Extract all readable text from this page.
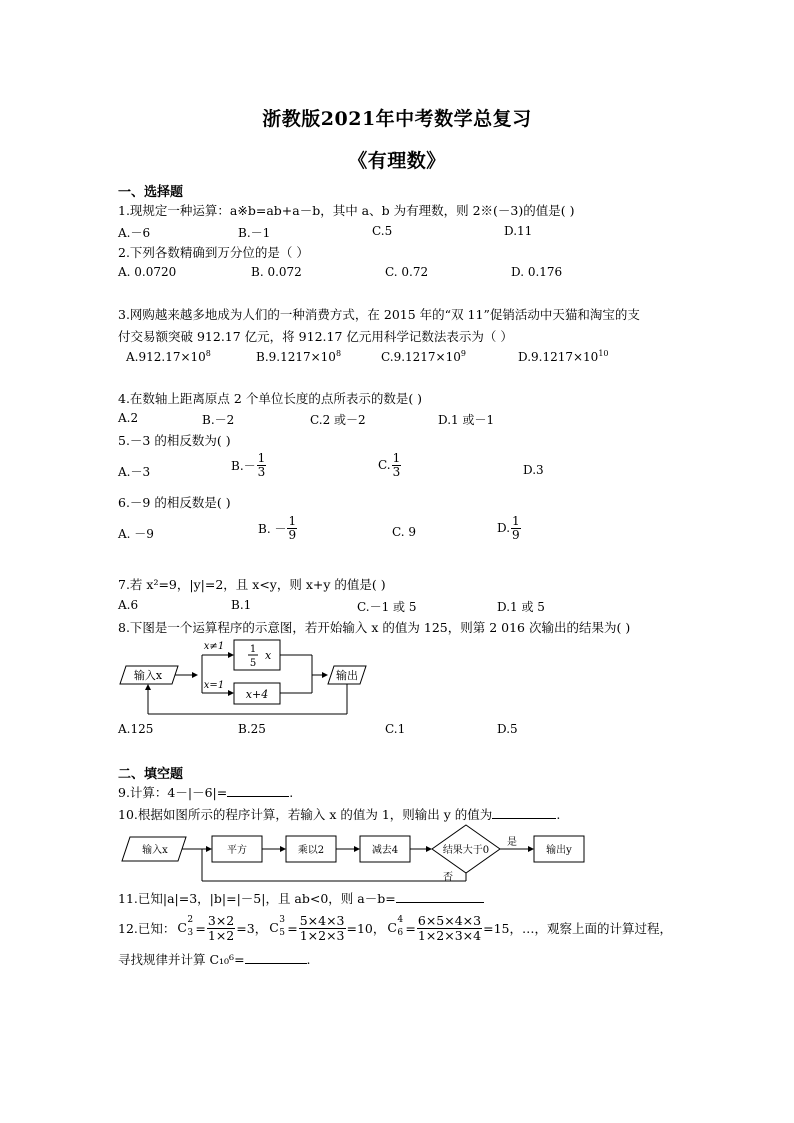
浙教版2021年中考数学总复习
《有理数》
一、选择题
1.现规定一种运算：a※b=ab+a－b，其中 a、b 为有理数，则 2※(－3)的值是( )
A.－6	B.－1	C.5	D.11
2.下列各数精确到万分位的是（ ）
A. 0.0720	B. 0.072	C. 0.72	D. 0.176
3.网购越来越多地成为人们的一种消费方式，在 2015 年的“双 11”促销活动中天猫和淘宝的支
付交易额突破 912.17 亿元，将 912.17 亿元用科学记数法表示为（ ）
$A.912.17\times 10^8$	$B.9.1217\times 10^8$	$C.9.1217\times 10^9$	$D.9.1217\times 10^{10}$
4.在数轴上距离原点 2 个单位长度的点所表示的数是( )
A.2	B.－2	C.2 或－2	D.1 或－1
5.－3 的相反数为( )
A.－3	$B.- \frac{1}{3}$	C. $\frac{1}{3}$	D.3
6.－9 的相反数是( )
A. －9	B. － $\frac{1}{9}$	C. 9	D. $\frac{1}{9}$
7.若 x²=9，|y|=2，且 x<y，则 x+y 的值是( )
A.6	B.1	C.－1 或 5	D.1 或 5
8.下图是一个运算程序的示意图，若开始输入 x 的值为 125，则第 2 016 次输出的结果为( )
输入x
x≠1	1
5
x
x=1
x+4
输出
A.125	B.25	C.1	D.5
二、填空题
9.计算：4－|－6|=	.
10.根据如图所示的程序计算，若输入 x 的值为 1，则输出 y 的值为	.
输入x	平方	乘以2	减去4	结果大于0
是
输出y
否
11.已知|a|=3，|b|=|－5|，且 ab<0，则 a－b=
12.已知： C 2
$3 = \frac{3\times 2}{1\times 2} =3$， C 3
$5 = \frac{5\times 4\times 3}{1\times 2\times 3} =10$， C 4
$6 = \frac{6\times 5\times 4\times 3}{1\times 2\times 3\times 4} =15$，…，观察上面的计算过程，
寻找规律并计算 C₁₀⁶=	.
